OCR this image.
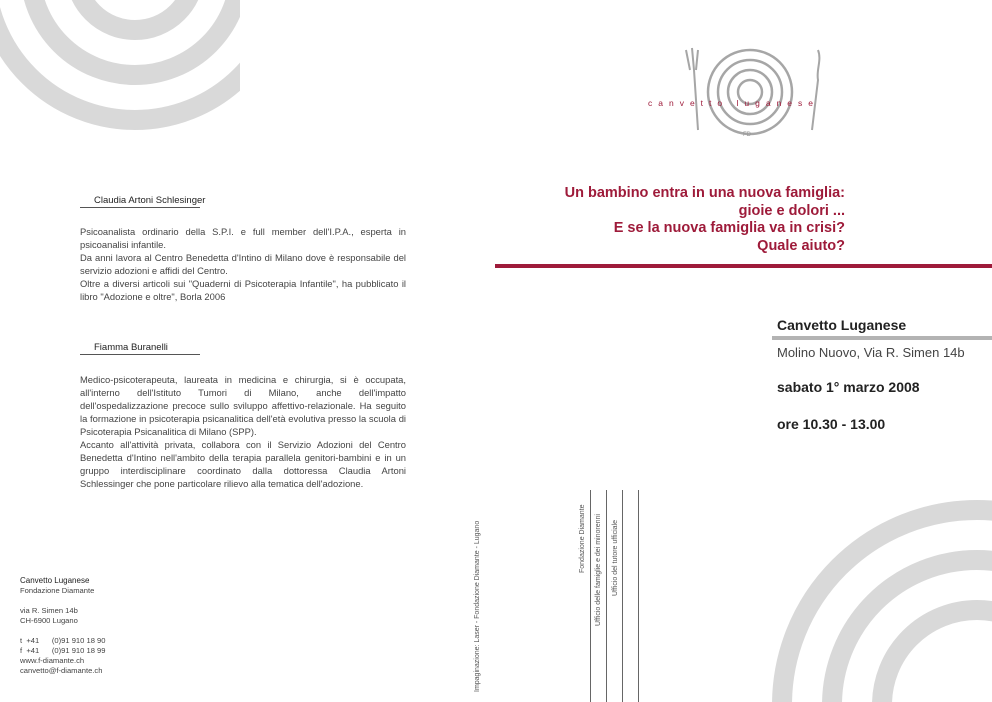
Claudia Artoni Schlesinger

Psicoanalista ordinario della S.P.I. e full member dell'I.P.A., esperta in psicoanalisi infantile.

Da anni lavora al Centro Benedetta d'Intino di Milano dove è responsabile del servizio adozioni e affidi del Centro.

Oltre a diversi articoli sui "Quaderni di Psicoterapia Infantile", ha pubblicato il libro "Adozione e oltre", Borla 2006

Fiamma Buranelli

Medico-psicoterapeuta, laureata in medicina e chirurgia, si è occupata, all'interno dell'Istituto Tumori di Milano, anche dell'impatto dell'ospedalizzazione precoce sullo sviluppo affettivo-relazionale. Ha seguito la formazione in psicoterapia psicanalitica dell'età evolutiva presso la scuola di Psicoterapia Psicanalitica di Milano (SPP).

Accanto all'attività privata, collabora con il Servizio Adozioni del Centro Benedetta d'Intino nell'ambito della terapia parallela genitori-bambini e in un gruppo interdisciplinare coordinato dalla dottoressa Claudia Artoni Schlessinger che pone particolare rilievo alla tematica dell'adozione.

Canvetto Luganese
Fondazione Diamante
via R. Simen 14b
CH-6900 Lugano
t  +41      (0)91 910 18 90
f  +41      (0)91 910 18 99
www.f-diamante.ch
canvetto@f-diamante.ch	Impaginazione: Laser - Fondazione Diamante - Lugano	Fondazione Diamante Ufficio delle famiglie e dei minorenni Ufficio del tutore ufficiale
canvetto luganese
FD
Un bambino entra in una nuova famiglia:
gioie e dolori ...
E se la nuova famiglia va in crisi?
Quale aiuto?
Canvetto Luganese
Molino Nuovo, Via R. Simen 14b
sabato 1° marzo 2008
ore 10.30 - 13.00
